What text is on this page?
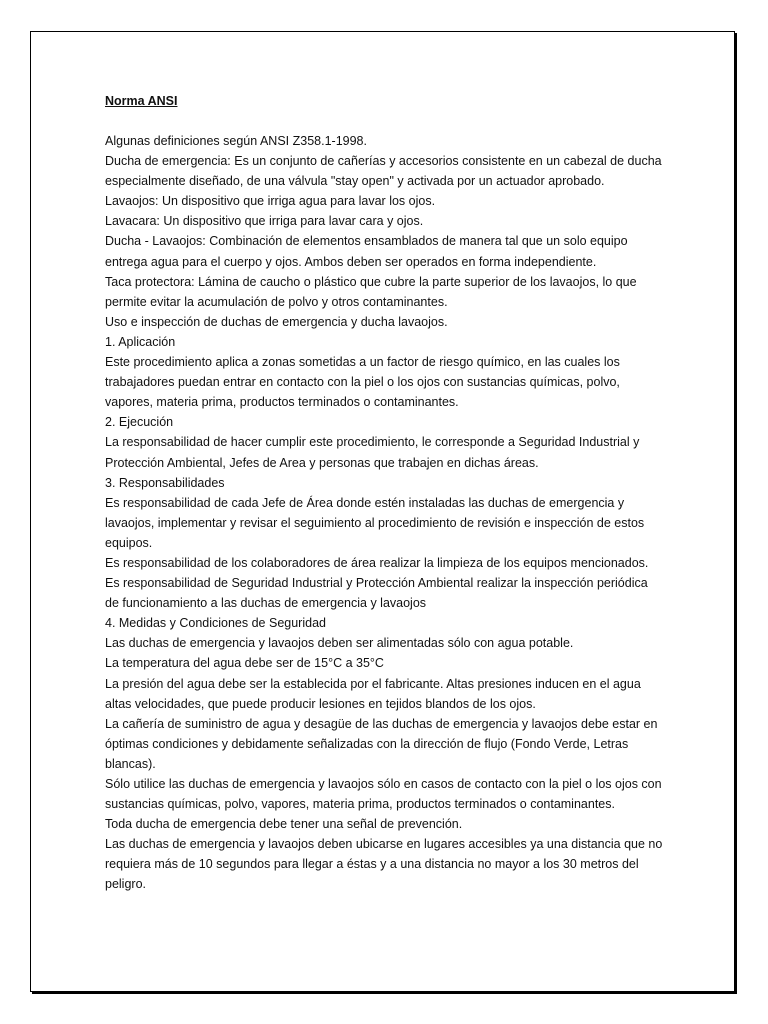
Norma ANSI
Algunas definiciones según ANSI Z358.1-1998.
Ducha de emergencia: Es un conjunto de cañerías y accesorios consistente en un cabezal de ducha
especialmente diseñado, de una válvula "stay open" y activada por un actuador aprobado.
Lavaojos: Un dispositivo que irriga agua para lavar los ojos.
Lavacara: Un dispositivo que irriga para lavar cara y ojos.
Ducha - Lavaojos: Combinación de elementos ensamblados de manera tal que un solo equipo
entrega agua para el cuerpo y ojos. Ambos deben ser operados en forma independiente.
Taca protectora: Lámina de caucho o plástico que cubre la parte superior de los lavaojos, lo que
permite evitar la acumulación de polvo y otros contaminantes.
Uso e inspección de duchas de emergencia y ducha lavaojos.
1. Aplicación
Este procedimiento aplica a zonas sometidas a un factor de riesgo químico, en las cuales los
trabajadores puedan entrar en contacto con la piel o los ojos con sustancias químicas, polvo,
vapores, materia prima, productos terminados o contaminantes.
2. Ejecución
La responsabilidad de hacer cumplir este procedimiento, le corresponde a Seguridad Industrial y
Protección Ambiental, Jefes de Area y personas que trabajen en dichas áreas.
3. Responsabilidades
Es responsabilidad de cada Jefe de Área donde estén instaladas las duchas de emergencia y
lavaojos, implementar y revisar el seguimiento al procedimiento de revisión e inspección de estos
equipos.
Es responsabilidad de los colaboradores de área realizar la limpieza de los equipos mencionados.
Es responsabilidad de Seguridad Industrial y Protección Ambiental realizar la inspección periódica
de funcionamiento a las duchas de emergencia y lavaojos
4. Medidas y Condiciones de Seguridad
Las duchas de emergencia y lavaojos deben ser alimentadas sólo con agua potable.
La temperatura del agua debe ser de 15°C a 35°C
La presión del agua debe ser la establecida por el fabricante. Altas presiones inducen en el agua
altas velocidades, que puede producir lesiones en tejidos blandos de los ojos.
La cañería de suministro de agua y desagüe de las duchas de emergencia y lavaojos debe estar en
óptimas condiciones y debidamente señalizadas con la dirección de flujo (Fondo Verde, Letras
blancas).
Sólo utilice las duchas de emergencia y lavaojos sólo en casos de contacto con la piel o los ojos con
sustancias químicas, polvo, vapores, materia prima, productos terminados o contaminantes.
Toda ducha de emergencia debe tener una señal de prevención.
Las duchas de emergencia y lavaojos deben ubicarse en lugares accesibles ya una distancia que no
requiera más de 10 segundos para llegar a éstas y a una distancia no mayor a los 30 metros del
peligro.
